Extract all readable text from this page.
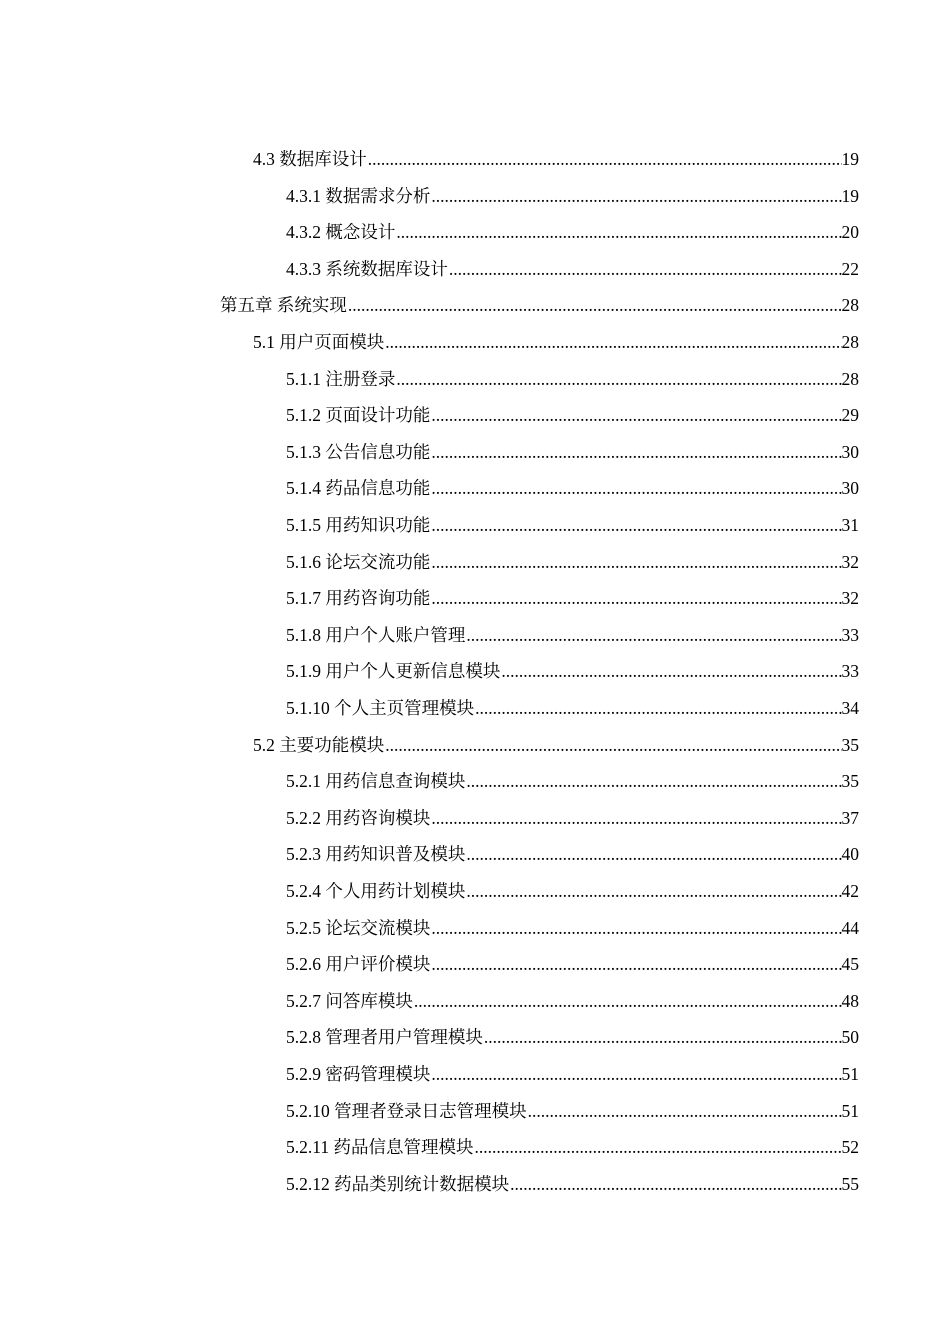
4.3 数据库设计 .....	19
4.3.1 数据需求分析 .....	19
4.3.2 概念设计 .....	20
4.3.3 系统数据库设计 .....	22
第五章 系统实现 .....	28
5.1 用户页面模块 .....	28
5.1.1 注册登录 .....	28
5.1.2 页面设计功能 .....	29
5.1.3 公告信息功能 .....	30
5.1.4 药品信息功能 .....	30
5.1.5 用药知识功能 .....	31
5.1.6 论坛交流功能 .....	32
5.1.7 用药咨询功能 .....	32
5.1.8 用户个人账户管理 .....	33
5.1.9 用户个人更新信息模块 .....	33
5.1.10 个人主页管理模块 .....	34
5.2 主要功能模块 .....	35
5.2.1 用药信息查询模块 .....	35
5.2.2 用药咨询模块 .....	37
5.2.3 用药知识普及模块 .....	40
5.2.4 个人用药计划模块 .....	42
5.2.5 论坛交流模块 .....	44
5.2.6 用户评价模块 .....	45
5.2.7 问答库模块 .....	48
5.2.8 管理者用户管理模块 .....	50
5.2.9 密码管理模块 .....	51
5.2.10 管理者登录日志管理模块 .....	51
5.2.11 药品信息管理模块 .....	52
5.2.12 药品类别统计数据模块 .....	55
